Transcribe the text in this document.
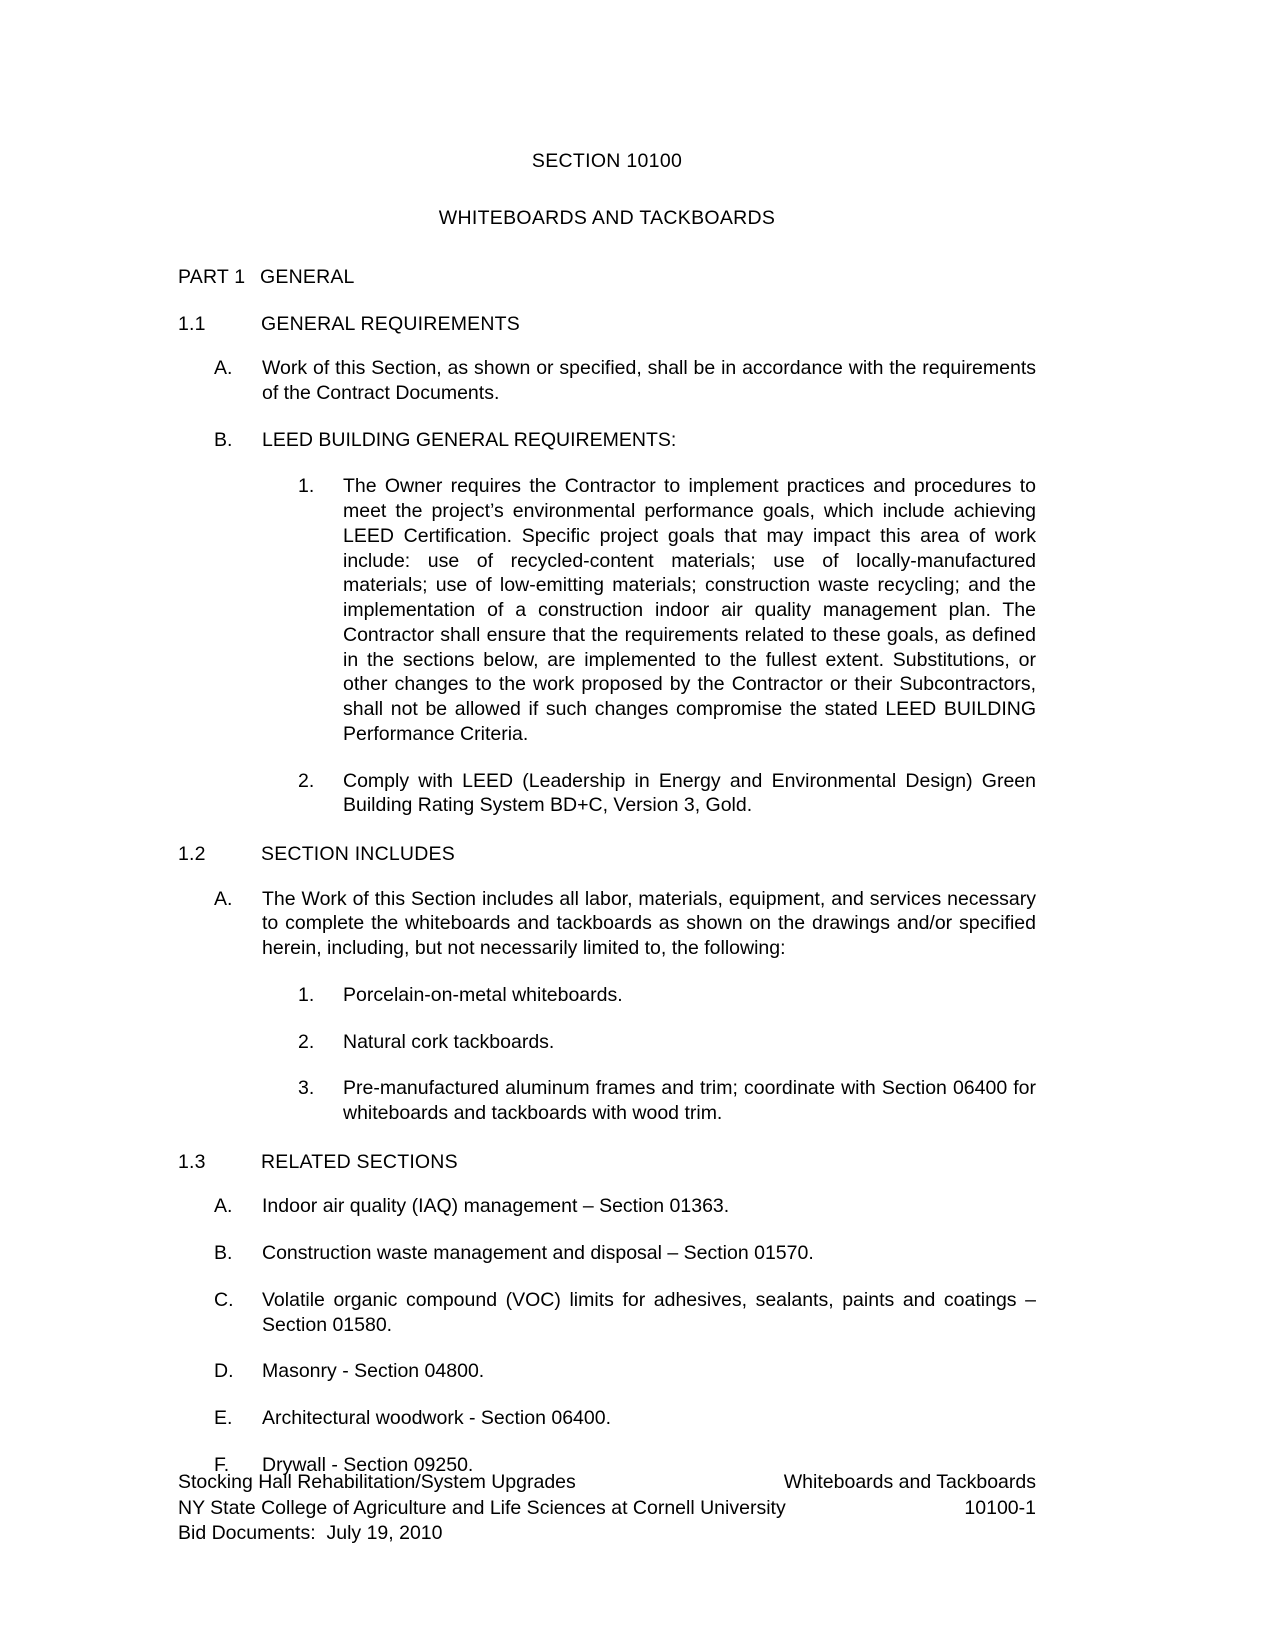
SECTION 10100
WHITEBOARDS AND TACKBOARDS
PART 1 GENERAL
1.1	GENERAL REQUIREMENTS
A.	Work of this Section, as shown or specified, shall be in accordance with the requirements of the Contract Documents.
B.	LEED BUILDING GENERAL REQUIREMENTS:
1.	The Owner requires the Contractor to implement practices and procedures to meet the project’s environmental performance goals, which include achieving LEED Certification. Specific project goals that may impact this area of work include: use of recycled-content materials; use of locally-manufactured materials; use of low-emitting materials; construction waste recycling; and the implementation of a construction indoor air quality management plan. The Contractor shall ensure that the requirements related to these goals, as defined in the sections below, are implemented to the fullest extent. Substitutions, or other changes to the work proposed by the Contractor or their Subcontractors, shall not be allowed if such changes compromise the stated LEED BUILDING Performance Criteria.
2.	Comply with LEED (Leadership in Energy and Environmental Design) Green Building Rating System BD+C, Version 3, Gold.
1.2	SECTION INCLUDES
A.	The Work of this Section includes all labor, materials, equipment, and services necessary to complete the whiteboards and tackboards as shown on the drawings and/or specified herein, including, but not necessarily limited to, the following:
1.	Porcelain-on-metal whiteboards.
2.	Natural cork tackboards.
3.	Pre-manufactured aluminum frames and trim; coordinate with Section 06400 for whiteboards and tackboards with wood trim.
1.3	RELATED SECTIONS
A.	Indoor air quality (IAQ) management – Section 01363.
B.	Construction waste management and disposal – Section 01570.
C.	Volatile organic compound (VOC) limits for adhesives, sealants, paints and coatings – Section 01580.
D.	Masonry - Section 04800.
E.	Architectural woodwork - Section 06400.
F.	Drywall - Section 09250.
Stocking Hall Rehabilitation/System Upgrades	Whiteboards and Tackboards
NY State College of Agriculture and Life Sciences at Cornell University	10100-1
Bid Documents:  July 19, 2010
